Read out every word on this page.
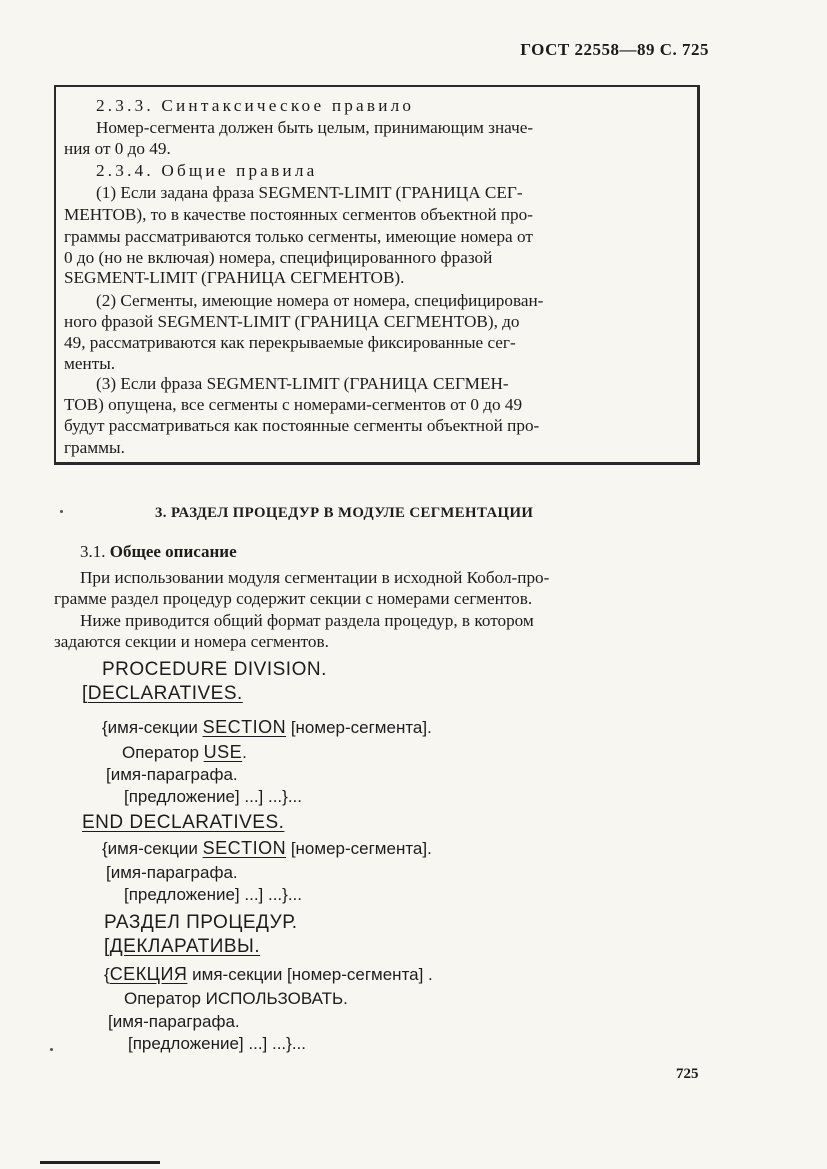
ГОСТ 22558—89 С. 725
2.3.3. Синтаксическое правило
Номер-сегмента должен быть целым, принимающим значе-
ния от 0 до 49.
2.3.4. Общие правила
(1) Если задана фраза SEGMENT-LIMIT (ГРАНИЦА СЕГ-
МЕНТОВ), то в качестве постоянных сегментов объектной про-
граммы рассматриваются только сегменты, имеющие номера от
0 до (но не включая) номера, специфицированного фразой
SEGMENT-LIMIT (ГРАНИЦА СЕГМЕНТОВ).
(2) Сегменты, имеющие номера от номера, специфицирован-
ного фразой SEGMENT-LIMIT (ГРАНИЦА СЕГМЕНТОВ), до
49, рассматриваются как перекрываемые фиксированные сег-
менты.
(3) Если фраза SEGMENT-LIMIT (ГРАНИЦА СЕГМЕН-
ТОВ) опущена, все сегменты с номерами-сегментов от 0 до 49
будут рассматриваться как постоянные сегменты объектной про-
граммы.
3. РАЗДЕЛ ПРОЦЕДУР В МОДУЛЕ СЕГМЕНТАЦИИ
3.1. Общее описание
При использовании модуля сегментации в исходной Кобол-про-
грамме раздел процедур содержит секции с номерами сегментов.
Ниже приводится общий формат раздела процедур, в котором
задаются секции и номера сегментов.
PROCEDURE DIVISION.
[DECLARATIVES.
{имя-секции SECTION [номер-сегмента].
Оператор USE.
[имя-параграфа.
[предложение] ...] ...}...
END DECLARATIVES.
{имя-секции SECTION [номер-сегмента].
[имя-параграфа.
[предложение] ...] ...}...
РАЗДЕЛ ПРОЦЕДУР.
[ДЕКЛАРАТИВЫ.
{СЕКЦИЯ имя-секции [номер-сегмента] .
Оператор ИСПОЛЬЗОВАТЬ.
[имя-параграфа.
[предложение] ...] ...}...
725
